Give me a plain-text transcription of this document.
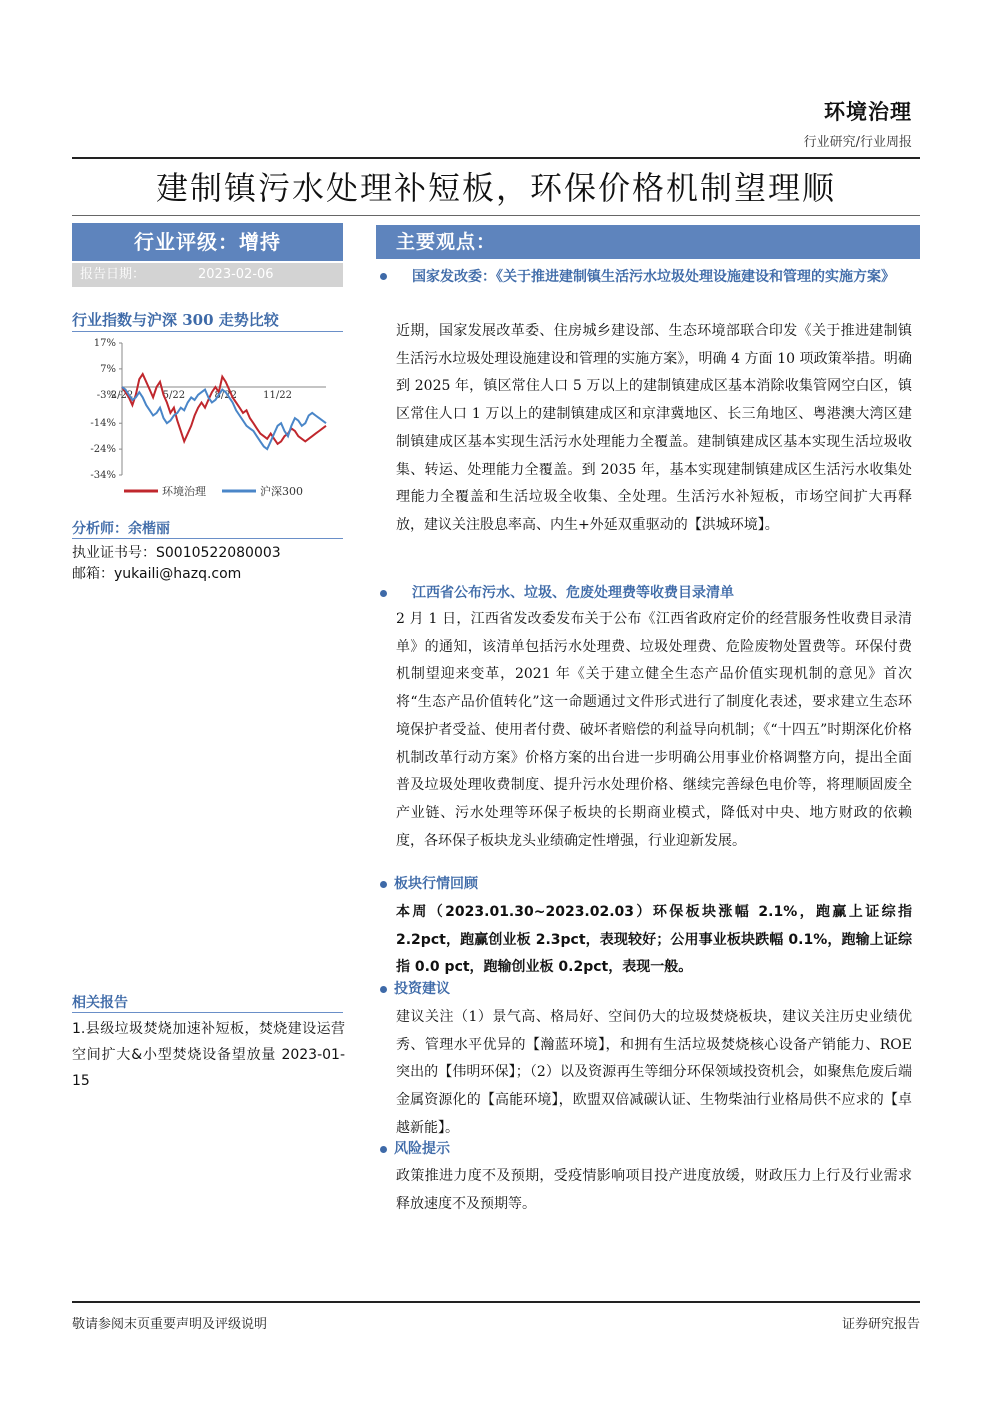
环境治理
行业研究/行业周报
建制镇污水处理补短板，环保价格机制望理顺
行业评级：增持
报告日期：	2023-02-06
行业指数与沪深 300 走势比较
17%
7%
-3%
-14%
-24%
-34%
2/22	5/22	8/22	11/22
环境治理	沪深300
分析师：余楷丽
执业证书号：S0010522080003
邮箱：yukaili@hazq.com
相关报告
1.县级垃圾焚烧加速补短板，焚烧建设运营空间扩大&小型焚烧设备望放量 2023-01-15
主要观点：
国家发改委：《关于推进建制镇生活污水垃圾处理设施建设和管理的实施方案》
近期，国家发展改革委、住房城乡建设部、生态环境部联合印发《关于推进建制镇生活污水垃圾处理设施建设和管理的实施方案》，明确 4 方面 10 项政策举措。明确到 2025 年，镇区常住人口 5 万以上的建制镇建成区基本消除收集管网空白区，镇区常住人口 1 万以上的建制镇建成区和京津冀地区、长三角地区、粤港澳大湾区建制镇建成区基本实现生活污水处理能力全覆盖。建制镇建成区基本实现生活垃圾收集、转运、处理能力全覆盖。到 2035 年，基本实现建制镇建成区生活污水收集处理能力全覆盖和生活垃圾全收集、全处理。生活污水补短板，市场空间扩大再释放，建议关注股息率高、内生+外延双重驱动的【洪城环境】。
江西省公布污水、垃圾、危废处理费等收费目录清单
2 月 1 日，江西省发改委发布关于公布《江西省政府定价的经营服务性收费目录清单》的通知，该清单包括污水处理费、垃圾处理费、危险废物处置费等。环保付费机制望迎来变革，2021 年《关于建立健全生态产品价值实现机制的意见》首次将“生态产品价值转化”这一命题通过文件形式进行了制度化表述，要求建立生态环境保护者受益、使用者付费、破坏者赔偿的利益导向机制；《“十四五”时期深化价格机制改革行动方案》价格方案的出台进一步明确公用事业价格调整方向，提出全面普及垃圾处理收费制度、提升污水处理价格、继续完善绿色电价等，将理顺固废全产业链、污水处理等环保子板块的长期商业模式，降低对中央、地方财政的依赖度，各环保子板块龙头业绩确定性增强，行业迎新发展。
板块行情回顾
本周（2023.01.30~2023.02.03）环保板块涨幅 2.1%，跑赢上证综指 2.2pct，跑赢创业板 2.3pct，表现较好；公用事业板块跌幅 0.1%，跑输上证综指 0.0 pct，跑输创业板 0.2pct，表现一般。
投资建议
建议关注（1）景气高、格局好、空间仍大的垃圾焚烧板块，建议关注历史业绩优秀、管理水平优异的【瀚蓝环境】，和拥有生活垃圾焚烧核心设备产销能力、ROE 突出的【伟明环保】；（2）以及资源再生等细分环保领域投资机会，如聚焦危废后端金属资源化的【高能环境】，欧盟双倍减碳认证、生物柴油行业格局供不应求的【卓越新能】。
风险提示
政策推进力度不及预期，受疫情影响项目投产进度放缓，财政压力上行及行业需求释放速度不及预期等。
敬请参阅末页重要声明及评级说明	证券研究报告
